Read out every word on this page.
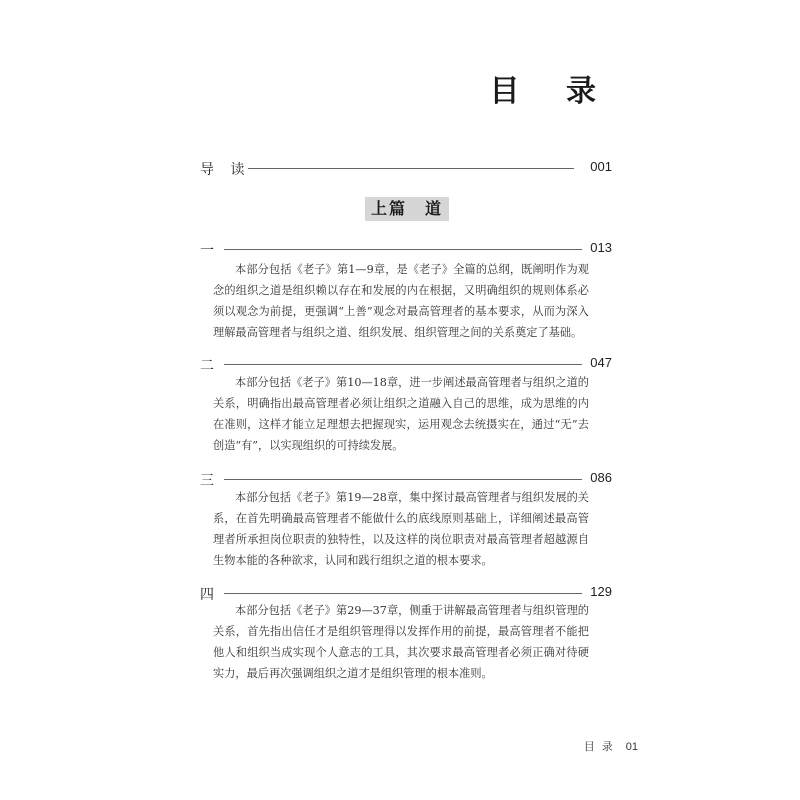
目 录
导 读	001
上篇　道
一	013

本部分包括《老子》第1—9章，是《老子》全篇的总纲，既阐明作为观念的组织之道是组织赖以存在和发展的内在根据，又明确组织的规则体系必须以观念为前提，更强调“上善”观念对最高管理者的基本要求，从而为深入理解最高管理者与组织之道、组织发展、组织管理之间的关系奠定了基础。

二	047

本部分包括《老子》第10—18章，进一步阐述最高管理者与组织之道的关系，明确指出最高管理者必须让组织之道融入自己的思维，成为思维的内在准则，这样才能立足理想去把握现实，运用观念去统摄实在，通过“无”去创造“有”，以实现组织的可持续发展。

三	086

本部分包括《老子》第19—28章，集中探讨最高管理者与组织发展的关系，在首先明确最高管理者不能做什么的底线原则基础上，详细阐述最高管理者所承担岗位职责的独特性，以及这样的岗位职责对最高管理者超越源自生物本能的各种欲求，认同和践行组织之道的根本要求。

四	129

本部分包括《老子》第29—37章，侧重于讲解最高管理者与组织管理的关系，首先指出信任才是组织管理得以发挥作用的前提，最高管理者不能把他人和组织当成实现个人意志的工具，其次要求最高管理者必须正确对待硬实力，最后再次强调组织之道才是组织管理的根本准则。

目录 01
